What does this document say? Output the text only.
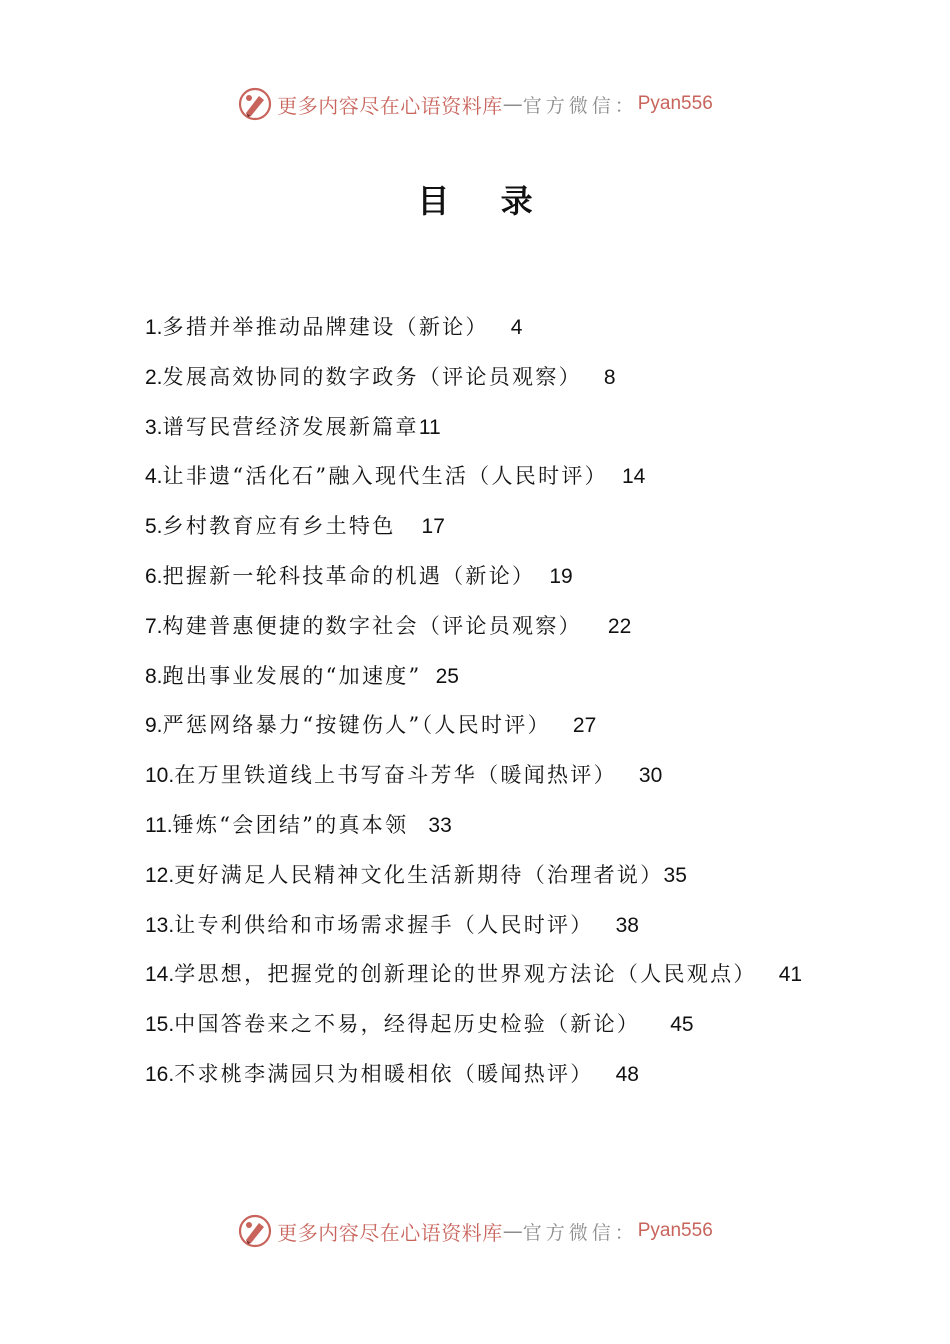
更多内容尽在心语资料库 — 官方微信： Pyan556
目 录
1.多措并举推动品牌建设（新论） 4
2.发展高效协同的数字政务（评论员观察） 8
3.谱写民营经济发展新篇章11
4.让非遗“活化石”融入现代生活（人民时评） 14
5.乡村教育应有乡土特色 17
6.把握新一轮科技革命的机遇（新论） 19
7.构建普惠便捷的数字社会（评论员观察） 22
8.跑出事业发展的“加速度” 25
9.严惩网络暴力“按键伤人”（人民时评） 27
10.在万里铁道线上书写奋斗芳华（暖闻热评） 30
11.锤炼“会团结”的真本领 33
12.更好满足人民精神文化生活新期待（治理者说）35
13.让专利供给和市场需求握手（人民时评） 38
14.学思想，把握党的创新理论的世界观方法论（人民观点） 41
15.中国答卷来之不易，经得起历史检验（新论） 45
16.不求桃李满园只为相暖相依（暖闻热评） 48
更多内容尽在心语资料库 — 官方微信： Pyan556
